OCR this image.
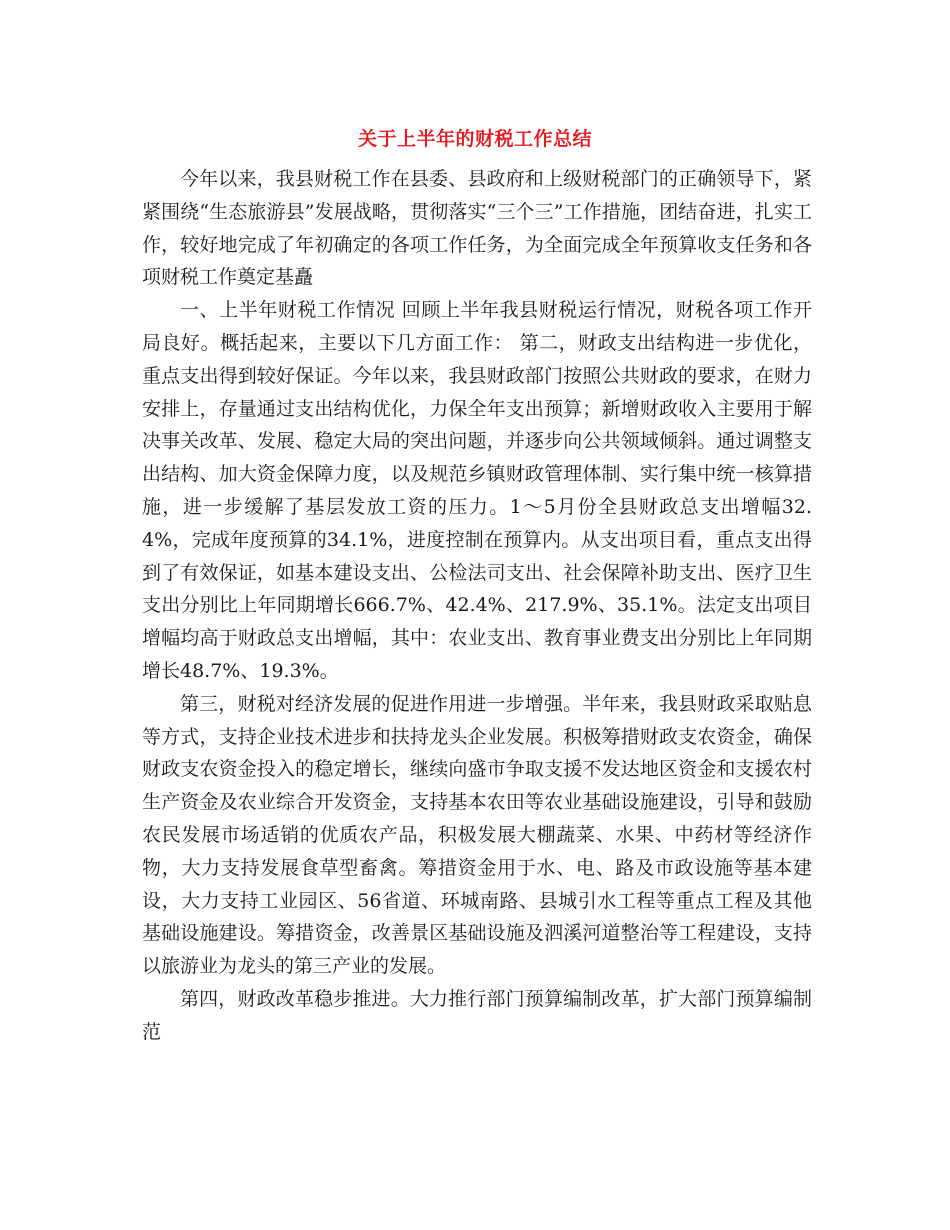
关于上半年的财税工作总结

今年以来，我县财税工作在县委、县政府和上级财税部门的正确领导下，紧紧围绕“生态旅游县”发展战略，贯彻落实“三个三”工作措施，团结奋进，扎实工作，较好地完成了年初确定的各项工作任务，为全面完成全年预算收支任务和各项财税工作奠定基矗

一、上半年财税工作情况 回顾上半年我县财税运行情况，财税各项工作开局良好。概括起来，主要以下几方面工作： 第二，财政支出结构进一步优化，重点支出得到较好保证。今年以来，我县财政部门按照公共财政的要求，在财力安排上，存量通过支出结构优化，力保全年支出预算；新增财政收入主要用于解决事关改革、发展、稳定大局的突出问题，并逐步向公共领域倾斜。通过调整支出结构、加大资金保障力度，以及规范乡镇财政管理体制、实行集中统一核算措施，进一步缓解了基层发放工资的压力。1～5月份全县财政总支出增幅32.4%，完成年度预算的34.1%，进度控制在预算内。从支出项目看，重点支出得到了有效保证，如基本建设支出、公检法司支出、社会保障补助支出、医疗卫生支出分别比上年同期增长666.7%、42.4%、217.9%、35.1%。法定支出项目增幅均高于财政总支出增幅，其中：农业支出、教育事业费支出分别比上年同期增长48.7%、19.3%。

第三，财税对经济发展的促进作用进一步增强。半年来，我县财政采取贴息等方式，支持企业技术进步和扶持龙头企业发展。积极筹措财政支农资金，确保财政支农资金投入的稳定增长，继续向盛市争取支援不发达地区资金和支援农村生产资金及农业综合开发资金，支持基本农田等农业基础设施建设，引导和鼓励农民发展市场适销的优质农产品，积极发展大棚蔬菜、水果、中药材等经济作物，大力支持发展食草型畜禽。筹措资金用于水、电、路及市政设施等基本建设，大力支持工业园区、56省道、环城南路、县城引水工程等重点工程及其他基础设施建设。筹措资金，改善景区基础设施及泗溪河道整治等工程建设，支持以旅游业为龙头的第三产业的发展。

第四，财政改革稳步推进。大力推行部门预算编制改革，扩大部门预算编制范
